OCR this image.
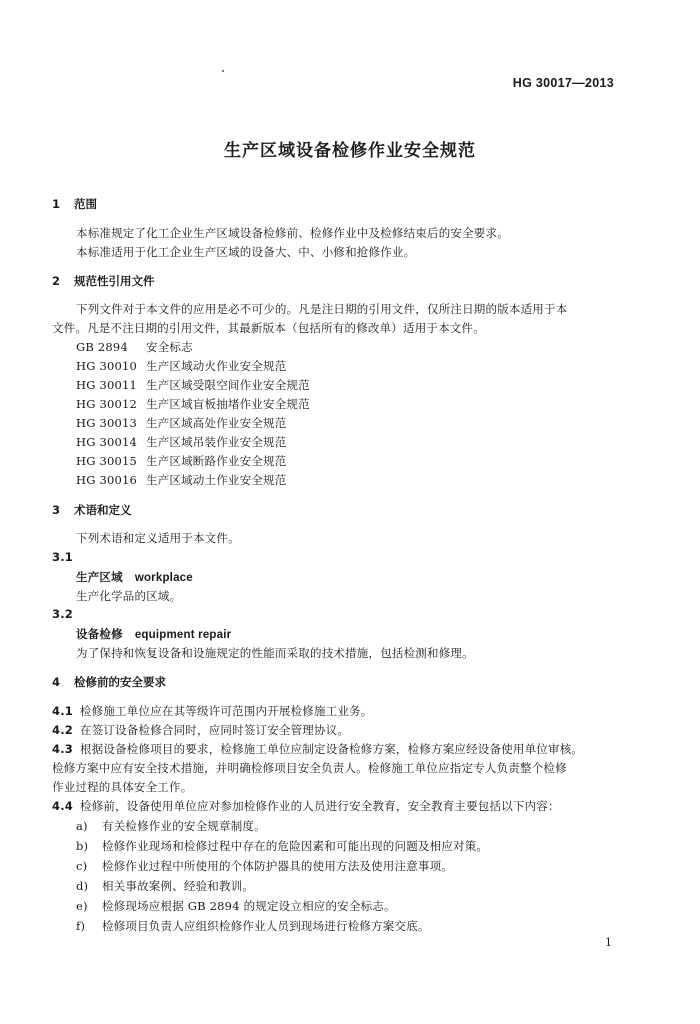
HG 30017—2013
生产区域设备检修作业安全规范
1 范围
本标准规定了化工企业生产区域设备检修前、检修作业中及检修结束后的安全要求。
本标准适用于化工企业生产区域的设备大、中、小修和抢修作业。
2 规范性引用文件
下列文件对于本文件的应用是必不可少的。凡是注日期的引用文件，仅所注日期的版本适用于本
文件。凡是不注日期的引用文件，其最新版本（包括所有的修改单）适用于本文件。
GB 2894 安全标志
HG 30010 生产区域动火作业安全规范
HG 30011 生产区域受限空间作业安全规范
HG 30012 生产区域盲板抽堵作业安全规范
HG 30013 生产区域高处作业安全规范
HG 30014 生产区域吊装作业安全规范
HG 30015 生产区域断路作业安全规范
HG 30016 生产区域动土作业安全规范
3 术语和定义
下列术语和定义适用于本文件。
3.1
生产区域 workplace
生产化学品的区域。
3.2
设备检修 equipment repair
为了保持和恢复设备和设施规定的性能而采取的技术措施，包括检测和修理。
4 检修前的安全要求
4.1 检修施工单位应在其等级许可范围内开展检修施工业务。
4.2 在签订设备检修合同时，应同时签订安全管理协议。
4.3 根据设备检修项目的要求，检修施工单位应制定设备检修方案，检修方案应经设备使用单位审核。
检修方案中应有安全技术措施，并明确检修项目安全负责人。检修施工单位应指定专人负责整个检修
作业过程的具体安全工作。
4.4 检修前，设备使用单位应对参加检修作业的人员进行安全教育，安全教育主要包括以下内容：
a) 有关检修作业的安全规章制度。
b) 检修作业现场和检修过程中存在的危险因素和可能出现的问题及相应对策。
c) 检修作业过程中所使用的个体防护器具的使用方法及使用注意事项。
d) 相关事故案例、经验和教训。
e) 检修现场应根据 GB 2894 的规定设立相应的安全标志。
f) 检修项目负责人应组织检修作业人员到现场进行检修方案交底。
1
